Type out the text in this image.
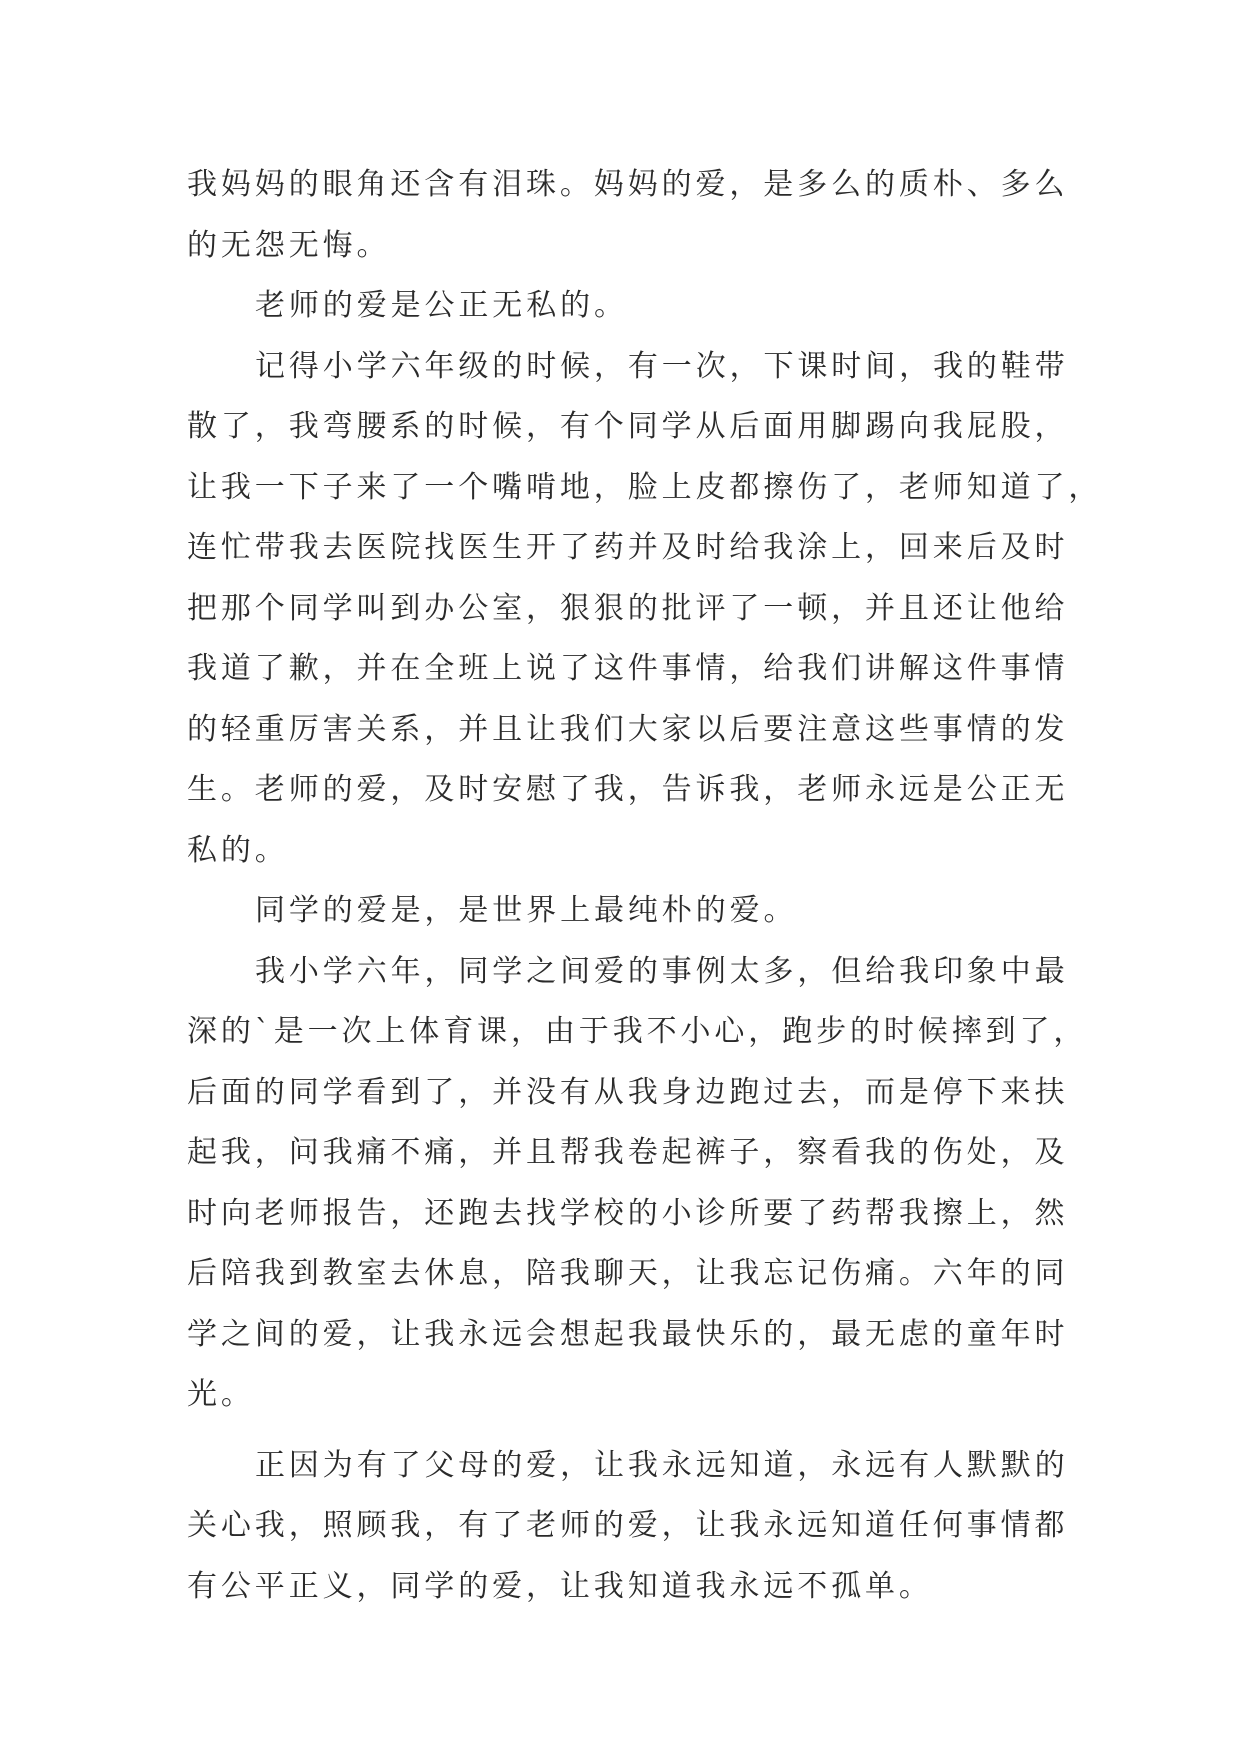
我妈妈的眼角还含有泪珠。妈妈的爱，是多么的质朴、多么
的无怨无悔。
老师的爱是公正无私的。
记得小学六年级的时候，有一次，下课时间，我的鞋带
散了，我弯腰系的时候，有个同学从后面用脚踢向我屁股，
让我一下子来了一个嘴啃地，脸上皮都擦伤了，老师知道了，
连忙带我去医院找医生开了药并及时给我涂上，回来后及时
把那个同学叫到办公室，狠狠的批评了一顿，并且还让他给
我道了歉，并在全班上说了这件事情，给我们讲解这件事情
的轻重厉害关系，并且让我们大家以后要注意这些事情的发
生。老师的爱，及时安慰了我，告诉我，老师永远是公正无
私的。
同学的爱是，是世界上最纯朴的爱。
我小学六年，同学之间爱的事例太多，但给我印象中最
深的`是一次上体育课，由于我不小心，跑步的时候摔到了，
后面的同学看到了，并没有从我身边跑过去，而是停下来扶
起我，问我痛不痛，并且帮我卷起裤子，察看我的伤处，及
时向老师报告，还跑去找学校的小诊所要了药帮我擦上，然
后陪我到教室去休息，陪我聊天，让我忘记伤痛。六年的同
学之间的爱，让我永远会想起我最快乐的，最无虑的童年时
光。
正因为有了父母的爱，让我永远知道，永远有人默默的
关心我，照顾我，有了老师的爱，让我永远知道任何事情都
有公平正义，同学的爱，让我知道我永远不孤单。
